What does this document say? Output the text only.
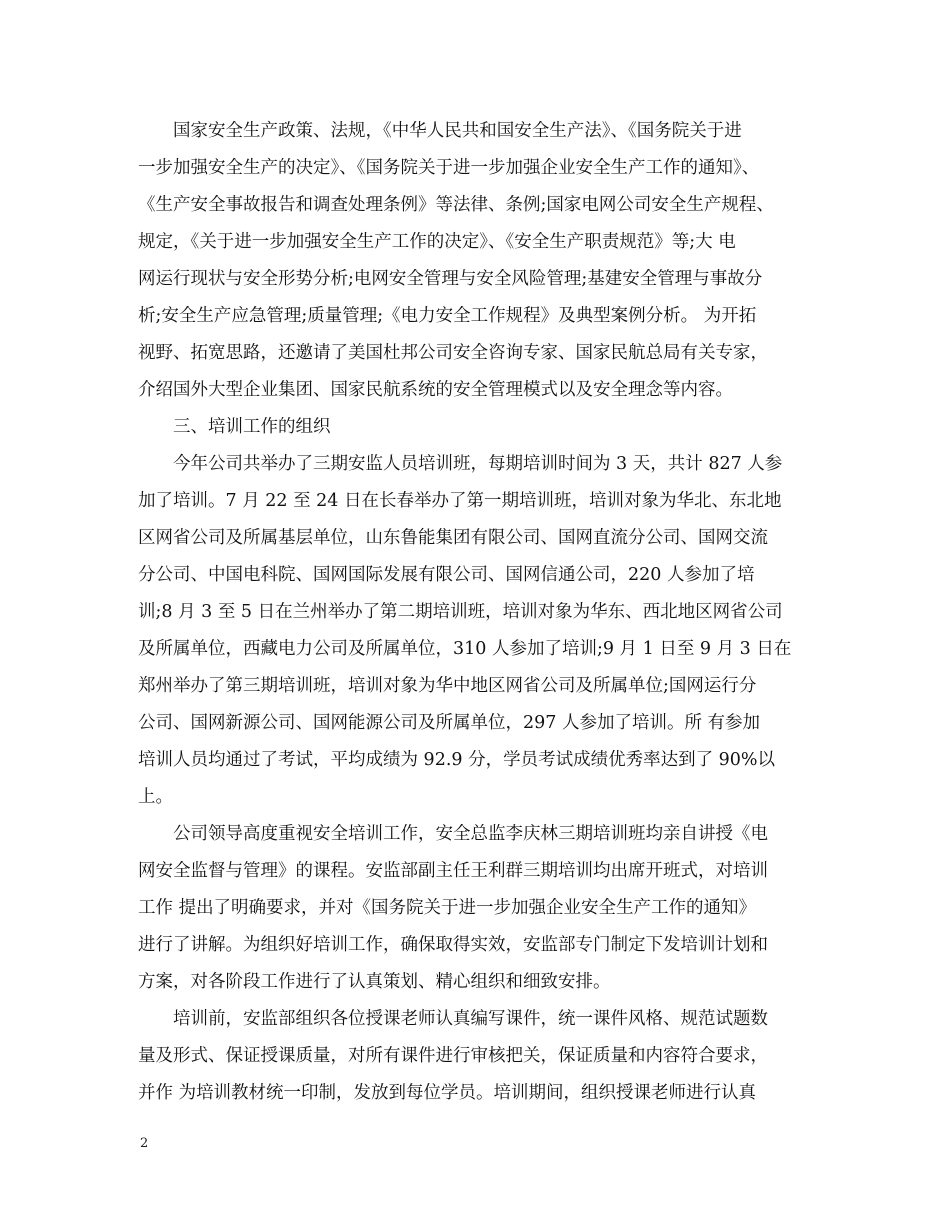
　　国家安全生产政策、法规，《中华人民共和国安全生产法》、《国务院关于进
一步加强安全生产的决定》、《国务院关于进一步加强企业安全生产工作的通知》、
《生产安全事故报告和调查处理条例》等法律、条例;国家电网公司安全生产规程、
规定，《关于进一步加强安全生产工作的决定》、《安全生产职责规范》等;大 电
网运行现状与安全形势分析;电网安全管理与安全风险管理;基建安全管理与事故分
析;安全生产应急管理;质量管理;《电力安全工作规程》及典型案例分析。 为开拓
视野、拓宽思路，还邀请了美国杜邦公司安全咨询专家、国家民航总局有关专家，
介绍国外大型企业集团、国家民航系统的安全管理模式以及安全理念等内容。
　　三、培训工作的组织
　　今年公司共举办了三期安监人员培训班，每期培训时间为 3 天，共计 827 人参
加了培训。7 月 22 至 24 日在长春举办了第一期培训班，培训对象为华北、东北地
区网省公司及所属基层单位，山东鲁能集团有限公司、国网直流分公司、国网交流
分公司、中国电科院、国网国际发展有限公司、国网信通公司，220 人参加了培
训;8 月 3 至 5 日在兰州举办了第二期培训班，培训对象为华东、西北地区网省公司
及所属单位，西藏电力公司及所属单位，310 人参加了培训;9 月 1 日至 9 月 3 日在
郑州举办了第三期培训班，培训对象为华中地区网省公司及所属单位;国网运行分
公司、国网新源公司、国网能源公司及所属单位，297 人参加了培训。所 有参加
培训人员均通过了考试，平均成绩为 92.9 分，学员考试成绩优秀率达到了 90%以
上。
　　公司领导高度重视安全培训工作，安全总监李庆林三期培训班均亲自讲授《电
网安全监督与管理》的课程。安监部副主任王利群三期培训均出席开班式，对培训
工作 提出了明确要求，并对《国务院关于进一步加强企业安全生产工作的通知》
进行了讲解。为组织好培训工作，确保取得实效，安监部专门制定下发培训计划和
方案，对各阶段工作进行了认真策划、精心组织和细致安排。
　　培训前，安监部组织各位授课老师认真编写课件，统一课件风格、规范试题数
量及形式、保证授课质量，对所有课件进行审核把关，保证质量和内容符合要求，
并作 为培训教材统一印制，发放到每位学员。培训期间，组织授课老师进行认真
2
